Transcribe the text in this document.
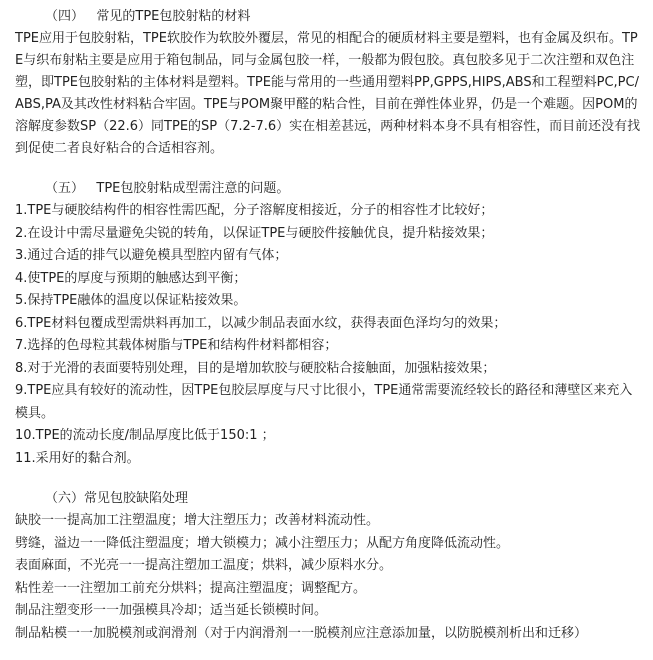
（四）   常见的TPE包胶射粘的材料

TPE应用于包胶射粘，TPE软胶作为软胶外覆层，常见的相配合的硬质材料主要是塑料，也有金属及织布。TPE与织布射粘主要是应用于箱包制品，同与金属包胶一样，一般都为假包胶。真包胶多见于二次注塑和双色注塑，即TPE包胶射粘的主体材料是塑料。TPE能与常用的一些通用塑料PP,GPPS,HIPS,ABS和工程塑料PC,PC/ABS,PA及其改性材料粘合牢固。TPE与POM聚甲醛的粘合性，目前在弹性体业界，仍是一个难题。因POM的溶解度参数SP（22.6）同TPE的SP（7.2-7.6）实在相差甚远，两种材料本身不具有相容性，而目前还没有找到促使二者良好粘合的合适相容剂。

（五）   TPE包胶射粘成型需注意的问题。

1.TPE与硬胶结构件的相容性需匹配，分子溶解度相接近，分子的相容性才比较好；

2.在设计中需尽量避免尖锐的转角，以保证TPE与硬胶件接触优良，提升粘接效果；

3.通过合适的排气以避免模具型腔内留有气体；

4.使TPE的厚度与预期的触感达到平衡；

5.保持TPE融体的温度以保证粘接效果。

6.TPE材料包覆成型需烘料再加工，以减少制品表面水纹，获得表面色泽均匀的效果；

7.选择的色母粒其载体树脂与TPE和结构件材料都相容；

8.对于光滑的表面要特别处理，目的是增加软胶与硬胶粘合接触面，加强粘接效果；

9.TPE应具有较好的流动性，因TPE包胶层厚度与尺寸比很小，TPE通常需要流经较长的路径和薄壁区来充入模具。

10.TPE的流动长度/制品厚度比低于150:1 ；

11.采用好的黏合剂。

（六）常见包胶缺陷处理

缺胶一一提高加工注塑温度；增大注塑压力；改善材料流动性。

劈缝，溢边一一降低注塑温度；增大锁模力；减小注塑压力；从配方角度降低流动性。

表面麻面，不光亮一一提高注塑加工温度；烘料，减少原料水分。

粘性差一一注塑加工前充分烘料；提高注塑温度；调整配方。

制品注塑变形一一加强模具冷却；适当延长锁模时间。

制品粘模一一加脱模剂或润滑剂（对于内润滑剂一一脱模剂应注意添加量，以防脱模剂析出和迁移）
